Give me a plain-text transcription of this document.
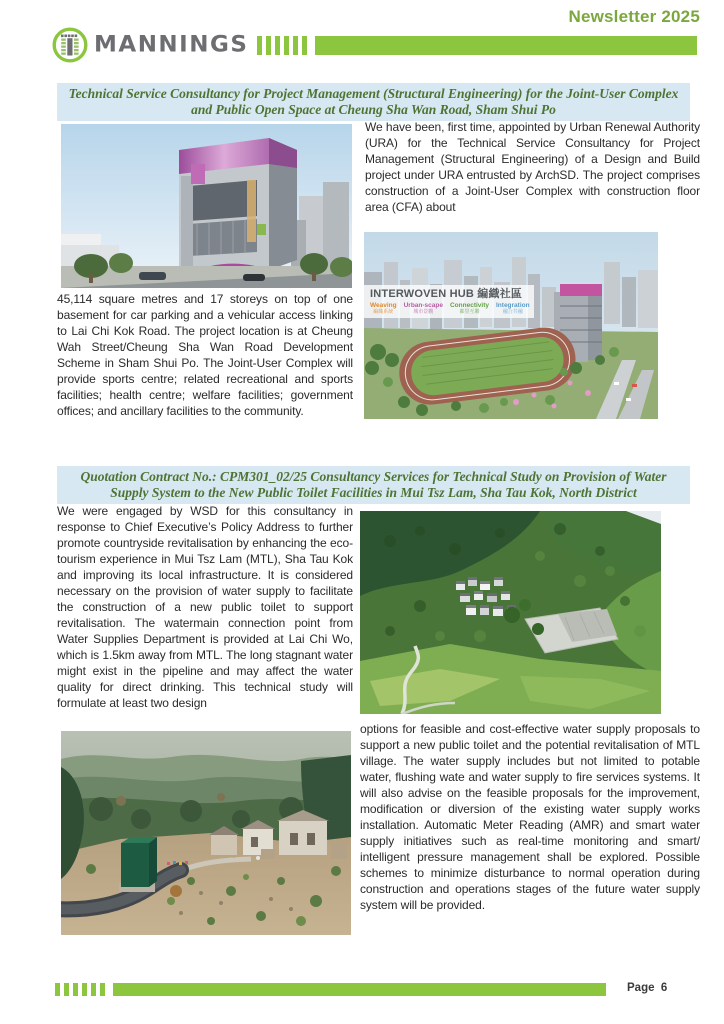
Newsletter 2025
MANNINGS
Technical Service Consultancy for Project Management (Structural Engineering) for the Joint-User Complex and Public Open Space at Cheung Sha Wan Road, Sham Shui Po
We have been, first time, appointed by Urban Renewal Authority (URA) for the Technical Service Consultancy for Project Management (Structural Engineering) of a Design and Build project under URA entrusted by ArchSD. The project comprises construction of a Joint-User Complex with construction floor area (CFA) about
45,114 square metres and 17 storeys on top of one basement for car parking and a vehicular access linking to Lai Chi Kok Road. The project location is at Cheung Wah Street/Cheung Sha Wan Road Development Scheme in Sham Shui Po. The Joint-User Complex will provide sports centre; related recreational and sports facilities; health centre; welfare facilities; government offices; and ancillary facilities to the community.
INTERWOVEN HUB 編織社區
Weaving
編織系統
Urban-scape
城市景觀
Connectivity
鄰里互聯
Integration
融合共融
Quotation Contract No.: CPM301_02/25 Consultancy Services for Technical Study on Provision of Water Supply System to the New Public Toilet Facilities in Mui Tsz Lam, Sha Tau Kok, North District
We were engaged by WSD for this consultancy in response to Chief Executive’s Policy Address to further promote countryside revitalisation by enhancing the eco-tourism experience in Mui Tsz Lam (MTL), Sha Tau Kok and improving its local infrastructure. It is considered necessary on the provision of water supply to facilitate the construction of a new public toilet to support revitalisation. The watermain connection point from Water Supplies Department is provided at Lai Chi Wo, which is 1.5km away from MTL. The long stagnant water might exist in the pipeline and may affect the water quality for direct drinking. This technical study will formulate at least two design
options for feasible and cost-effective water supply proposals to support a new public toilet and the potential revitalisation of MTL village. The water supply includes but not limited to potable water, flushing wate and water supply to fire services systems. It will also advise on the feasible proposals for the improvement, modification or diversion of the existing water supply works installation. Automatic Meter Reading (AMR) and smart water supply initiatives such as real-time monitoring and smart/ intelligent pressure management shall be explored. Possible schemes to minimize disturbance to normal operation during construction and operations stages of the future water supply system will be provided.
Page  6
